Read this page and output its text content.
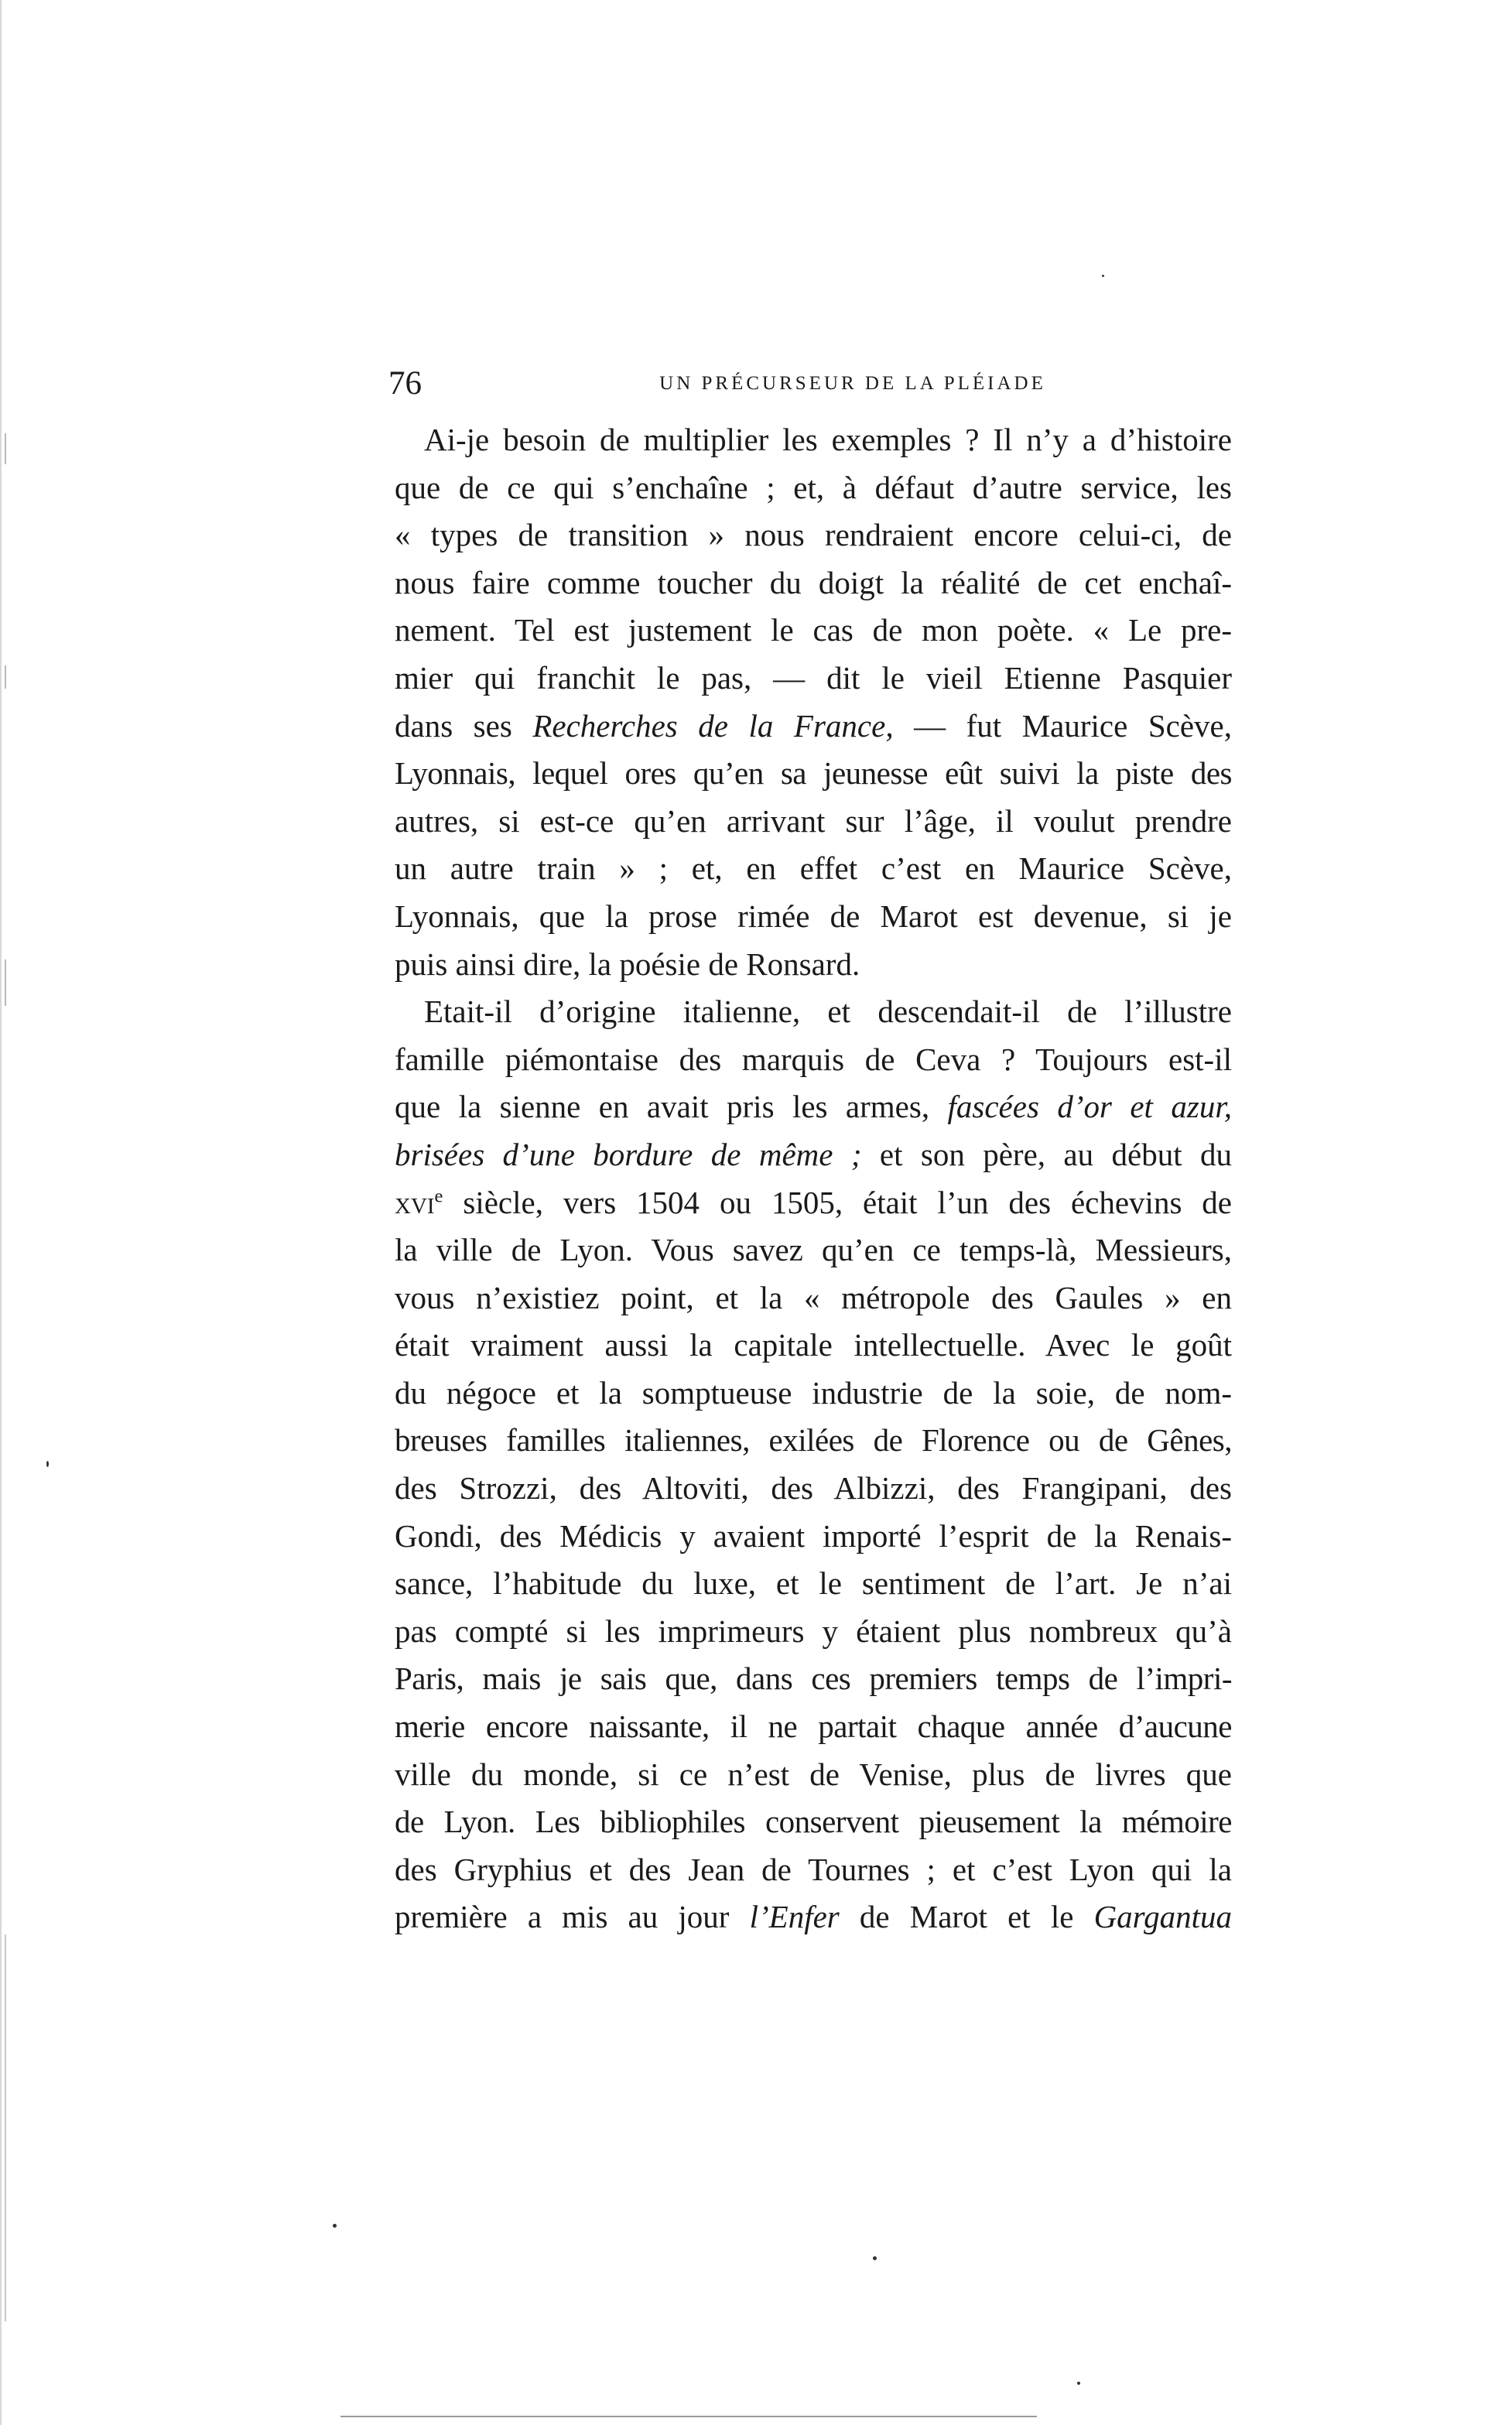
76	UN PRÉCURSEUR DE LA PLÉIADE
Ai-je besoin de multiplier les exemples ? Il n’y a d’histoire
que de ce qui s’enchaîne ; et, à défaut d’autre service, les
« types de transition » nous rendraient encore celui-ci, de
nous faire comme toucher du doigt la réalité de cet enchaî-
nement. Tel est justement le cas de mon poète. « Le pre-
mier qui franchit le pas, — dit le vieil Etienne Pasquier
dans ses Recherches de la France, — fut Maurice Scève,
Lyonnais, lequel ores qu’en sa jeunesse eût suivi la piste des
autres, si est-ce qu’en arrivant sur l’âge, il voulut prendre
un autre train » ; et, en effet c’est en Maurice Scève,
Lyonnais, que la prose rimée de Marot est devenue, si je
puis ainsi dire, la poésie de Ronsard.
Etait-il d’origine italienne, et descendait-il de l’illustre
famille piémontaise des marquis de Ceva ? Toujours est-il
que la sienne en avait pris les armes, fascées d’or et azur,
brisées d’une bordure de même ; et son père, au début du
xvi$^e$ siècle, vers 1504 ou 1505, était l’un des échevins de
la ville de Lyon. Vous savez qu’en ce temps-là, Messieurs,
vous n’existiez point, et la « métropole des Gaules » en
était vraiment aussi la capitale intellectuelle. Avec le goût
du négoce et la somptueuse industrie de la soie, de nom-
breuses familles italiennes, exilées de Florence ou de Gênes,
des Strozzi, des Altoviti, des Albizzi, des Frangipani, des
Gondi, des Médicis y avaient importé l’esprit de la Renais-
sance, l’habitude du luxe, et le sentiment de l’art. Je n’ai
pas compté si les imprimeurs y étaient plus nombreux qu’à
Paris, mais je sais que, dans ces premiers temps de l’impri-
merie encore naissante, il ne partait chaque année d’aucune
ville du monde, si ce n’est de Venise, plus de livres que
de Lyon. Les bibliophiles conservent pieusement la mémoire
des Gryphius et des Jean de Tournes ; et c’est Lyon qui la
première a mis au jour l’Enfer de Marot et le Gargantua
